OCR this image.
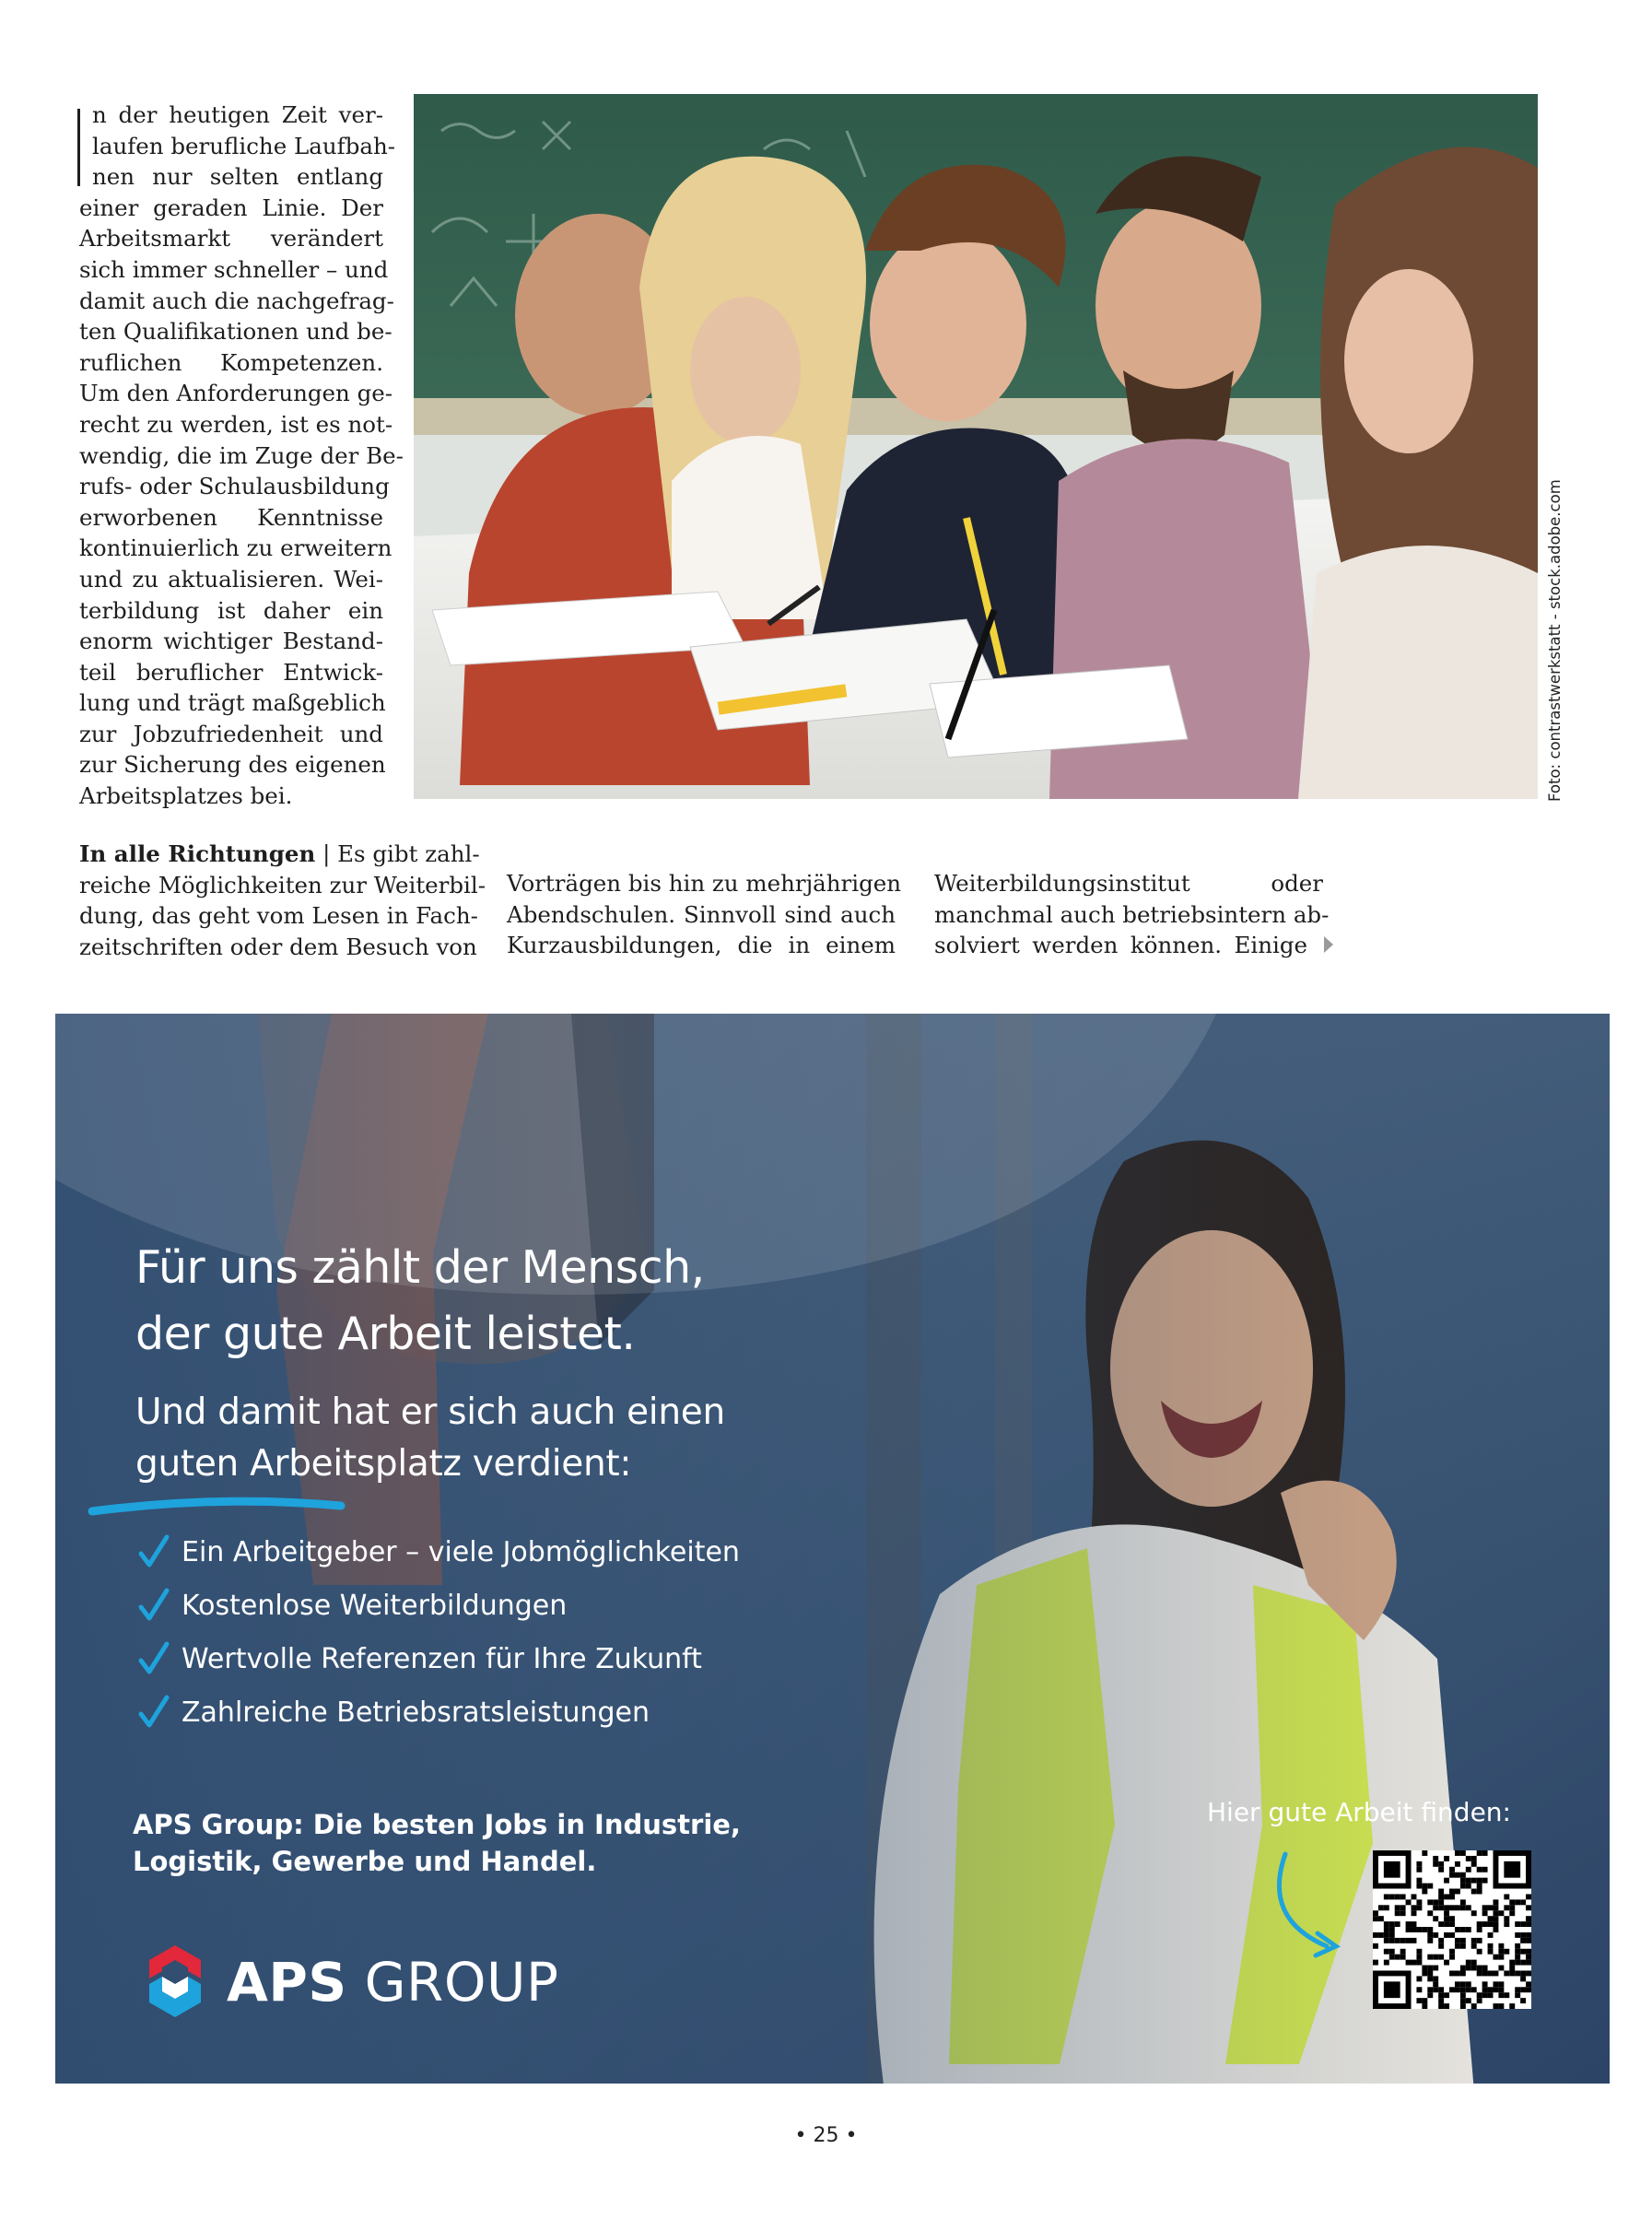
n der heutigen Zeit ver-
laufen berufliche Laufbah-
nen nur selten entlang
einer geraden Linie. Der
Arbeitsmarkt verändert
sich immer schneller – und
damit auch die nachgefrag-
ten Qualifikationen und be-
ruflichen Kompetenzen.
Um den Anforderungen ge-
recht zu werden, ist es not-
wendig, die im Zuge der Be-
rufs- oder Schulausbildung
erworbenen Kenntnisse
kontinuierlich zu erweitern
und zu aktualisieren. Wei-
terbildung ist daher ein
enorm wichtiger Bestand-
teil beruflicher Entwick-
lung und trägt maßgeblich
zur Jobzufriedenheit und
zur Sicherung des eigenen
Arbeitsplatzes bei.	Foto: contrastwerkstatt - stock.adobe.com
In alle Richtungen | Es gibt zahl-
reiche Möglichkeiten zur Weiterbil-
dung, das geht vom Lesen in Fach-
zeitschriften oder dem Besuch von
Vorträgen bis hin zu mehrjährigen
Abendschulen. Sinnvoll sind auch
Kurzausbildungen, die in einem
Weiterbildungsinstitut oder
manchmal auch betriebsintern ab-
solviert werden können. Einige
Für uns zählt der Mensch,
der gute Arbeit leistet.
Und damit hat er sich auch einen
guten Arbeitsplatz verdient:
Ein Arbeitgeber – viele Jobmöglichkeiten
Kostenlose Weiterbildungen
Wertvolle Referenzen für Ihre Zukunft
Zahlreiche Betriebsratsleistungen
APS Group: Die besten Jobs in Industrie,
Logistik, Gewerbe und Handel.
APS GROUP
Hier gute Arbeit finden:
• 25 •
